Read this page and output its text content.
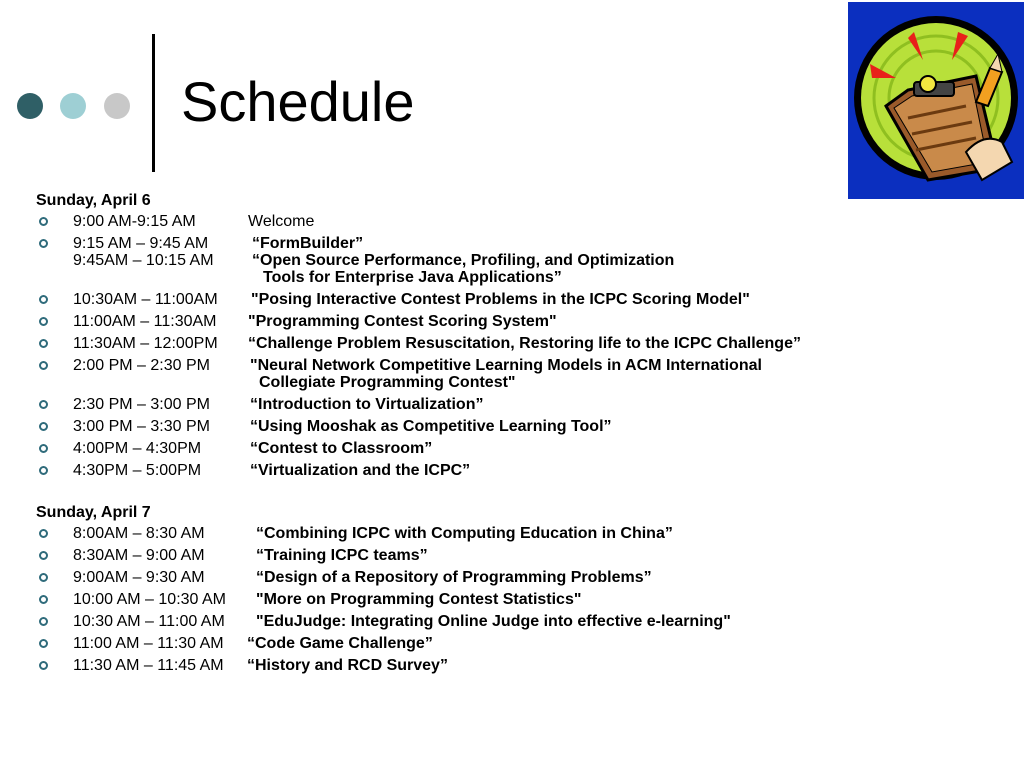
Schedule

Sunday, April 6

9:00 AM-9:15 AM	Welcome
9:15 AM – 9:45 AM	“FormBuilder”
9:45AM – 10:15 AM “Open Source Performance, Profiling, and Optimization
Tools for Enterprise Java Applications”
10:30AM – 11:00AM "Posing Interactive Contest Problems in the ICPC Scoring Model"
11:00AM – 11:30AM "Programming Contest Scoring System"
11:30AM – 12:00PM “Challenge Problem Resuscitation, Restoring life to the ICPC Challenge”
2:00 PM – 2:30 PM	"Neural Network Competitive Learning Models in ACM International
Collegiate Programming Contest"
2:30 PM – 3:00 PM	“Introduction to Virtualization”
3:00 PM – 3:30 PM	“Using Mooshak as Competitive Learning Tool”
4:00PM – 4:30PM	“Contest to Classroom”
4:30PM – 5:00PM	“Virtualization and the ICPC”

Sunday, April 7

8:00AM – 8:30 AM	“Combining ICPC with Computing Education in China”
8:30AM – 9:00 AM	“Training ICPC teams”
9:00AM – 9:30 AM	“Design of a Repository of Programming Problems”
10:00 AM – 10:30 AM "More on Programming Contest Statistics"
10:30 AM – 11:00 AM "EduJudge: Integrating Online Judge into effective e-learning"
11:00 AM – 11:30 AM “Code Game Challenge”
11:30 AM – 11:45 AM “History and RCD Survey”
